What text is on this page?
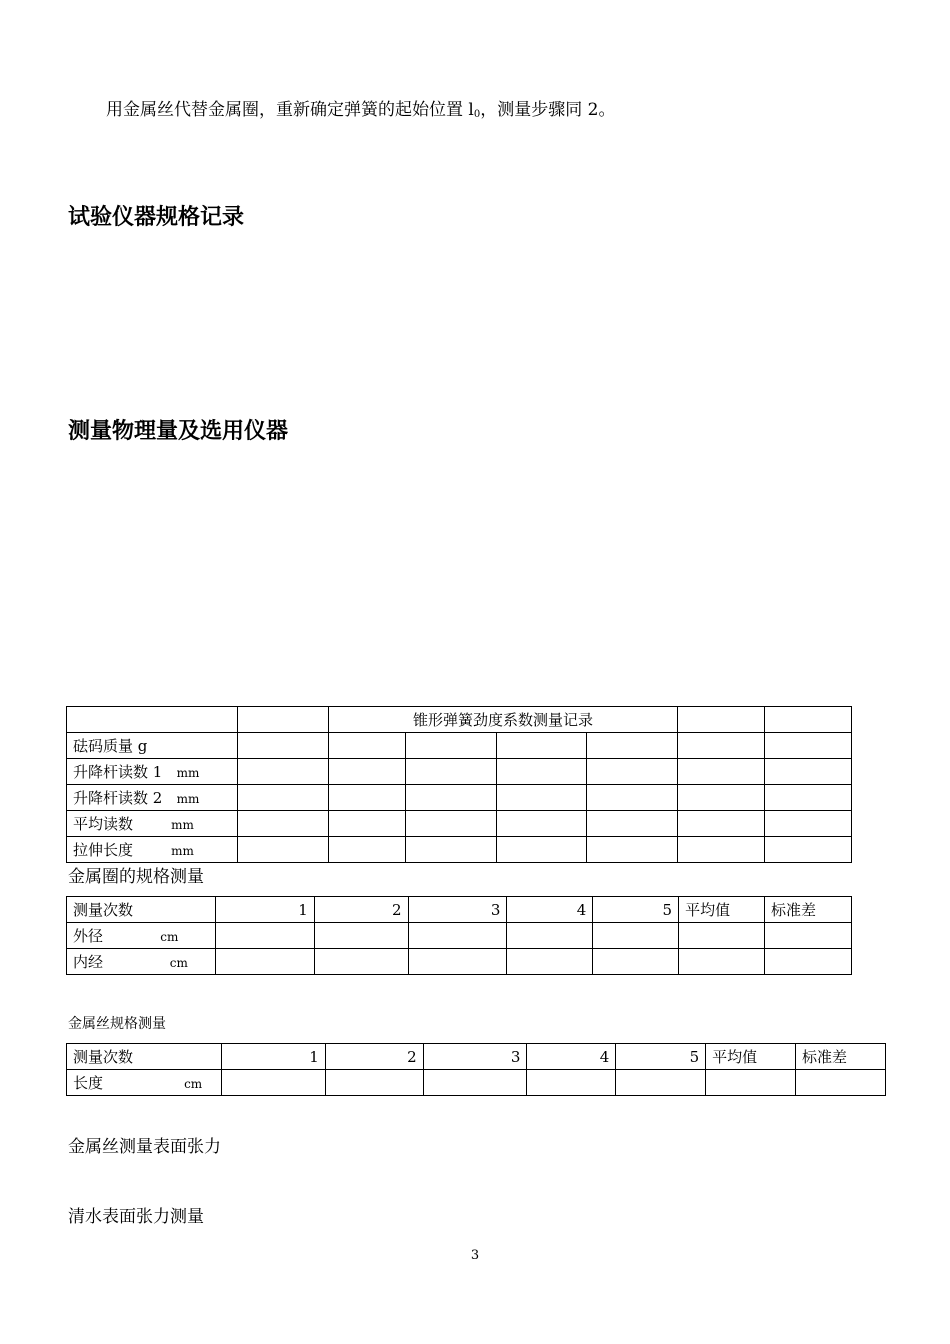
用金属丝代替金属圈，重新确定弹簧的起始位置 $l_0$，测量步骤同 2。
试验仪器规格记录
测量物理量及选用仪器
		锥形弹簧劲度系数测量记录					
砝码质量 g							
升降杆读数 1 mm							
升降杆读数 2 mm							
平均读数 mm							
拉伸长度 mm							
金属圈的规格测量
测量次数	1	2	3	4	5	平均值	标准差
外径 cm							
内经 cm							
金属丝规格测量
测量次数	1	2	3	4	5	平均值	标准差
长度 cm							
金属丝测量表面张力
清水表面张力测量
3
